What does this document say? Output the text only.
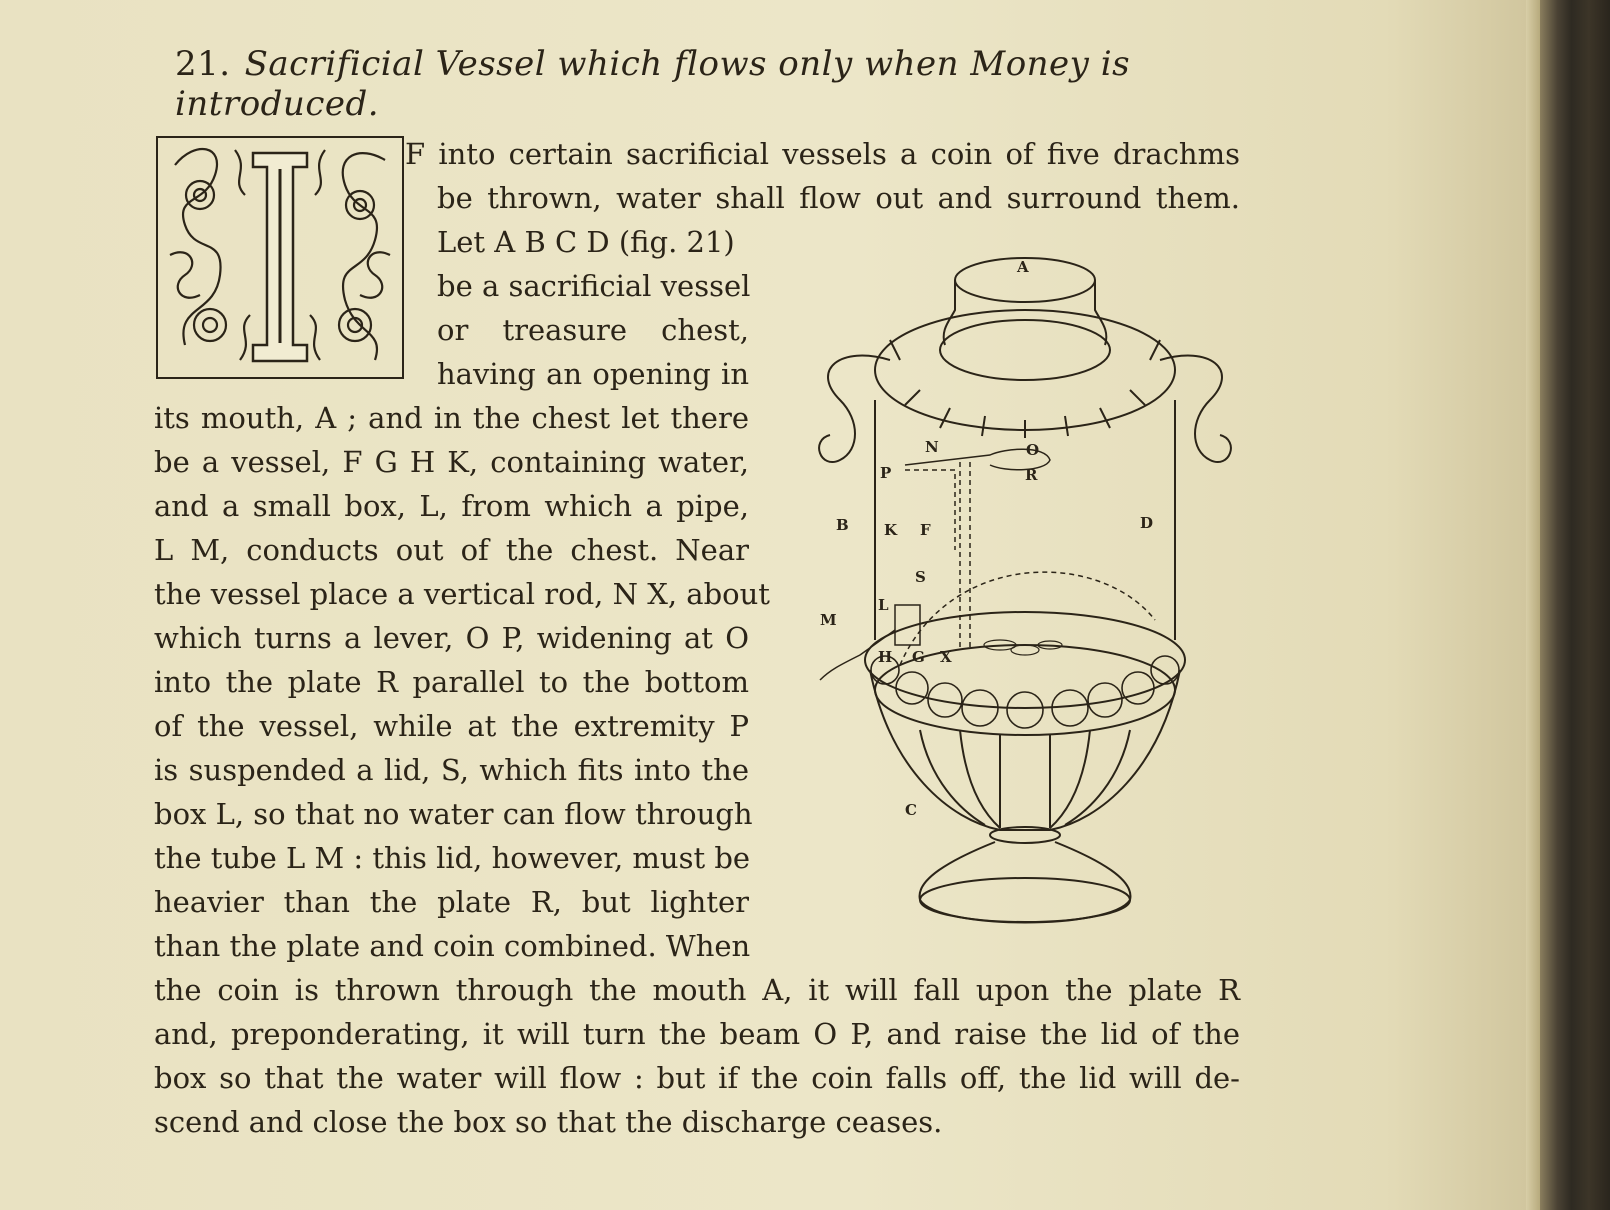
21. Sacrificial Vessel which flows only when Money is introduced.
F into certain sacrificial vessels a coin of five drachms
be thrown, water shall flow out and surround them.
Let A B C D (fig. 21)
be a sacrificial vessel
or treasure chest,
having an opening in
its mouth, A ; and in the chest let there
be a vessel, F G H K, containing water,
and a small box, L, from which a pipe,
L M, conducts out of the chest. Near
the vessel place a vertical rod, N X, about
which turns a lever, O P, widening at O
into the plate R parallel to the bottom
of the vessel, while at the extremity P
is suspended a lid, S, which fits into the
box L, so that no water can flow through
the tube L M : this lid, however, must be
heavier than the plate R, but lighter
than the plate and coin combined. When
the coin is thrown through the mouth A, it will fall upon the plate R
and, preponderating, it will turn the beam O P, and raise the lid of the
box so that the water will flow : but if the coin falls off, the lid will de-
scend and close the box so that the discharge ceases.
A
B
C
D
N	O
P	R
K F
S
L
M
H G X
